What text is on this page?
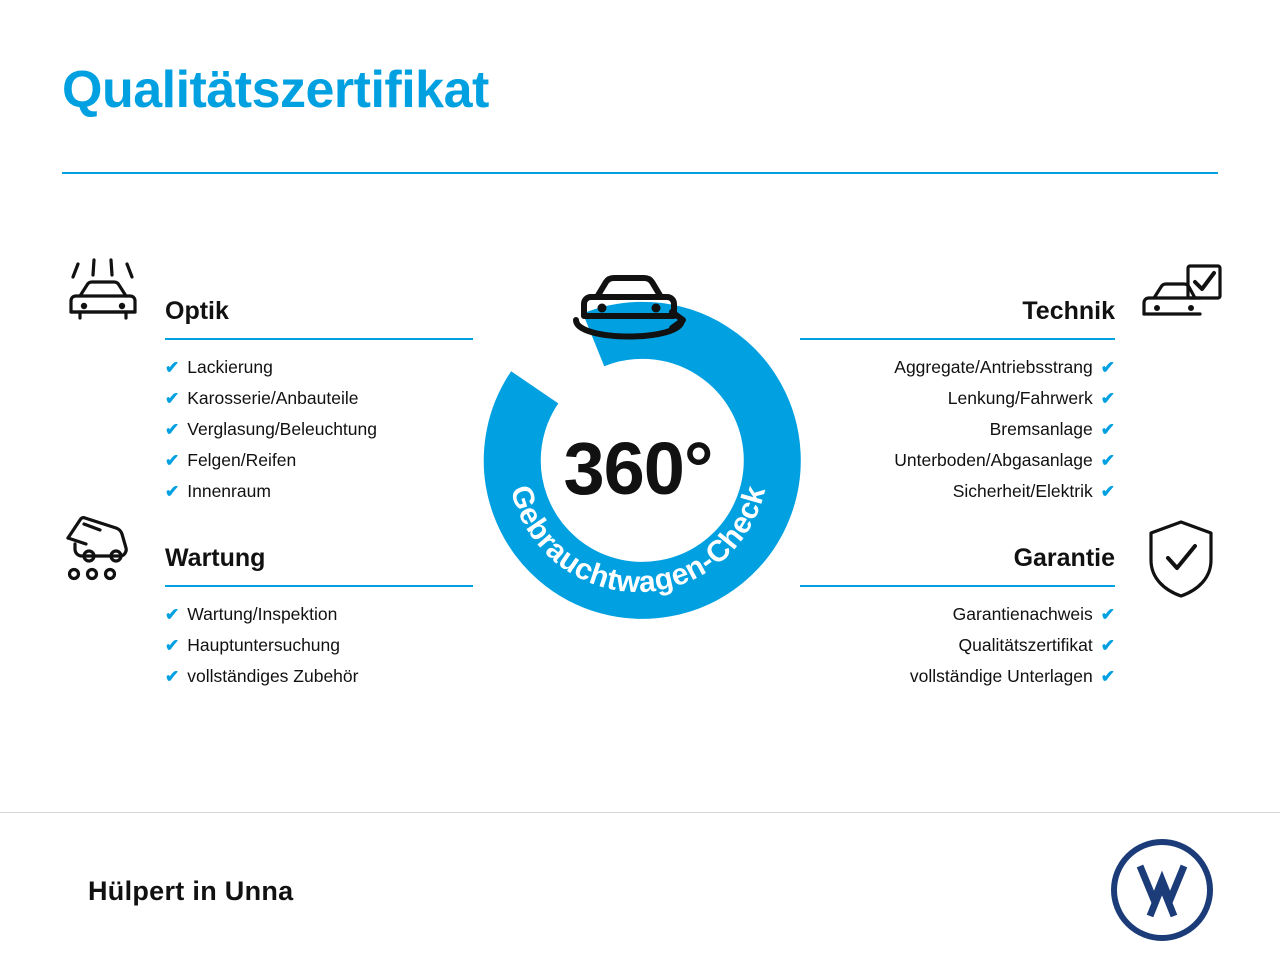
Qualitätszertifikat
Gebrauchtwagen-Check
360°
Optik
✔ Lackierung
✔ Karosserie/Anbauteile
✔ Verglasung/Beleuchtung
✔ Felgen/Reifen
✔ Innenraum
Wartung
✔ Wartung/Inspektion
✔ Hauptuntersuchung
✔ vollständiges Zubehör
Technik
Aggregate/Antriebsstrang ✔
Lenkung/Fahrwerk ✔
Bremsanlage ✔
Unterboden/Abgasanlage ✔
Sicherheit/Elektrik ✔
Garantie
Garantienachweis ✔
Qualitätszertifikat ✔
vollständige Unterlagen ✔
Hülpert in Unna
